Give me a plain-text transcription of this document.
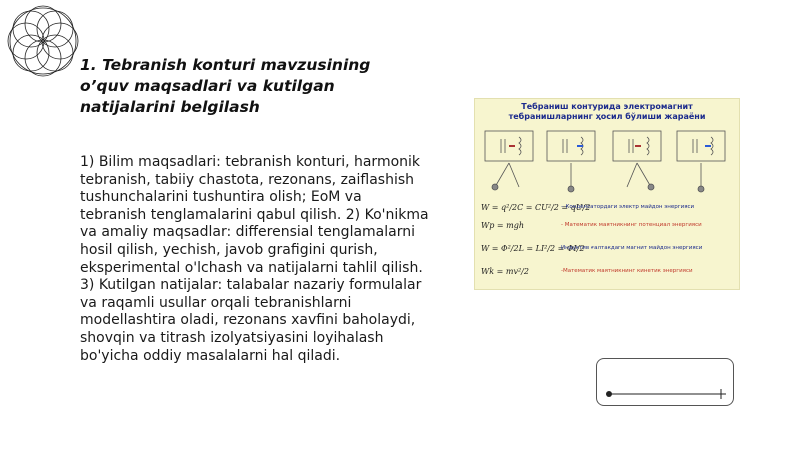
1. Tebranish konturi mavzusining o’quv maqsadlari va kutilgan natijalarini belgilash
1) Bilim maqsadlari: tebranish konturi, harmonik tebranish, tabiiy chastota, rezonans, zaiflashish tushunchalarini tushuntira olish; EoM va tebranish tenglamalarini qabul qilish. 2) Ko'nikma va amaliy maqsadlar: differensial tenglamalarni hosil qilish, yechish, javob grafigini qurish, eksperimental o'lchash va natijalarni tahlil qilish. 3) Kutilgan natijalar: talabalar nazariy formulalar va raqamli usullar orqali tebranishlarni modellashtira oladi, rezonans xavfini baholaydi, shovqin va titrash izolyatsiyasini loyihalash bo'yicha oddiy masalalarni hal qiladi.
Тебраниш контурида электромагнит
тебранишларнинг ҳосил бўлиши жараёни
W = q²/2C = CU²/2 = qU/2
– Конденсатордаги электр майдон энергияси
Wp = mgh	- Математик маятникнинг потенциал энергияси
W = Φ²/2L = LI²/2 = ΦI/2
Индуктив ғалтакдаги магнит майдон энергияси
Wk = mv²/2	-Математик маятникнинг кинетик энергияси
